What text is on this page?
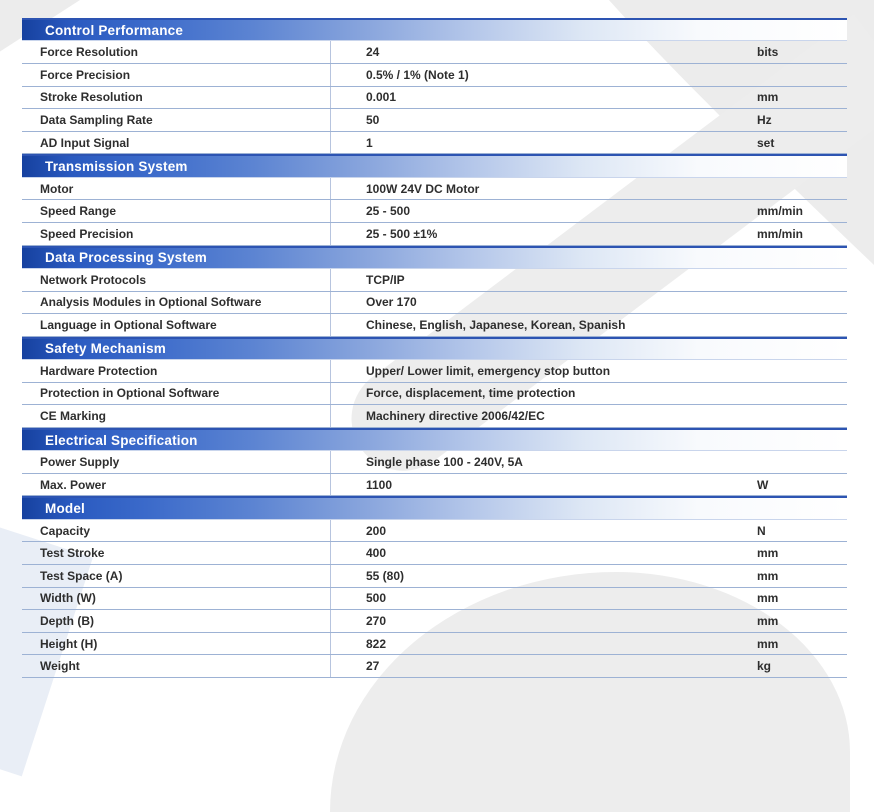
Control Performance
Force Resolution	24	bits
Force Precision	0.5% / 1% (Note 1)
Stroke Resolution	0.001	mm
Data Sampling Rate	50	Hz
AD Input Signal	1	set
Transmission System
Motor	100W 24V DC Motor
Speed Range	25 - 500	mm/min
Speed Precision	25 - 500 ±1%	mm/min
Data Processing System
Network Protocols	TCP/IP
Analysis Modules in Optional Software	Over 170
Language in Optional Software	Chinese, English, Japanese, Korean, Spanish
Safety Mechanism
Hardware Protection	Upper/ Lower limit, emergency stop button
Protection in Optional Software	Force, displacement, time protection
CE Marking	Machinery directive 2006/42/EC
Electrical Specification
Power Supply	Single phase 100 - 240V, 5A
Max. Power	1100	W
Model
Capacity	200	N
Test Stroke	400	mm
Test Space (A)	55 (80)	mm
Width (W)	500	mm
Depth (B)	270	mm
Height (H)	822	mm
Weight	27	kg
